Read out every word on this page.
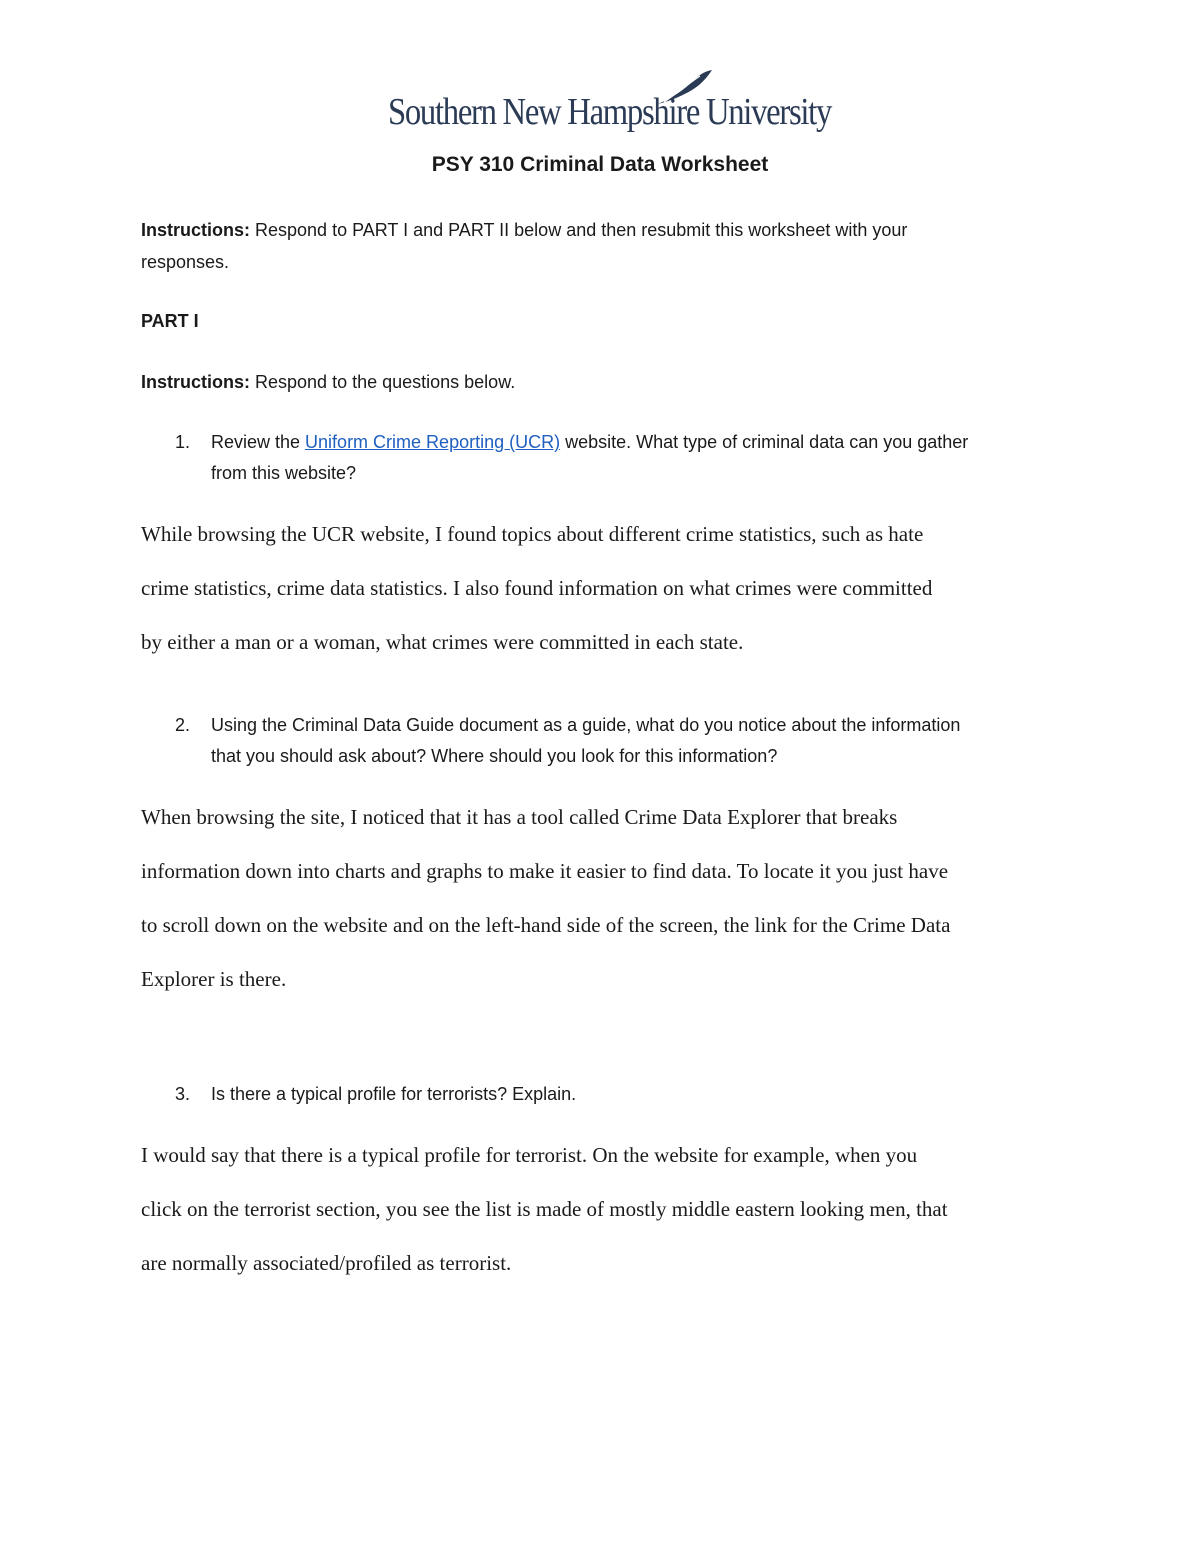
Southern New Hampshire University
PSY 310 Criminal Data Worksheet
Instructions: Respond to PART I and PART II below and then resubmit this worksheet with your
responses.
PART I
Instructions: Respond to the questions below.
1. Review the Uniform Crime Reporting (UCR) website. What type of criminal data can you gather
from this website?
While browsing the UCR website, I found topics about different crime statistics, such as hate
crime statistics, crime data statistics. I also found information on what crimes were committed
by either a man or a woman, what crimes were committed in each state.
2. Using the Criminal Data Guide document as a guide, what do you notice about the information
that you should ask about? Where should you look for this information?
When browsing the site, I noticed that it has a tool called Crime Data Explorer that breaks
information down into charts and graphs to make it easier to find data. To locate it you just have
to scroll down on the website and on the left-hand side of the screen, the link for the Crime Data
Explorer is there.
3. Is there a typical profile for terrorists? Explain.
I would say that there is a typical profile for terrorist. On the website for example, when you
click on the terrorist section, you see the list is made of mostly middle eastern looking men, that
are normally associated/profiled as terrorist.
